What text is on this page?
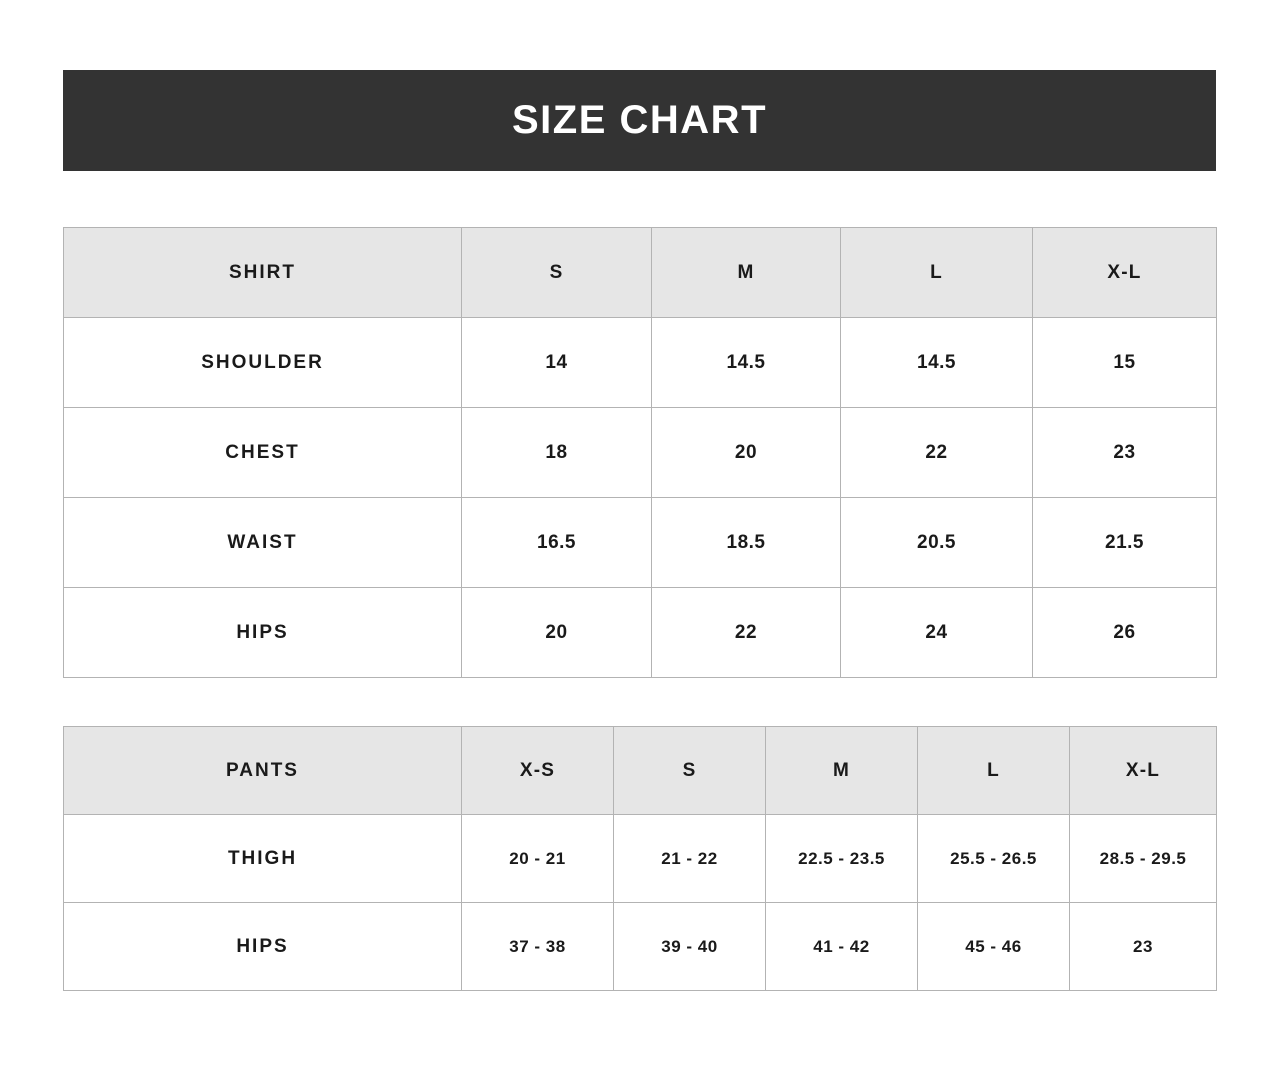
SIZE CHART
SHIRT	S	M	L	X-L
SHOULDER	14	14.5	14.5	15
CHEST	18	20	22	23
WAIST	16.5	18.5	20.5	21.5
HIPS	20	22	24	26
PANTS	X-S	S	M	L	X-L
THIGH	20 - 21	21 - 22	22.5 - 23.5	25.5 - 26.5	28.5 - 29.5
HIPS	37 - 38	39 - 40	41 - 42	45 - 46	23
